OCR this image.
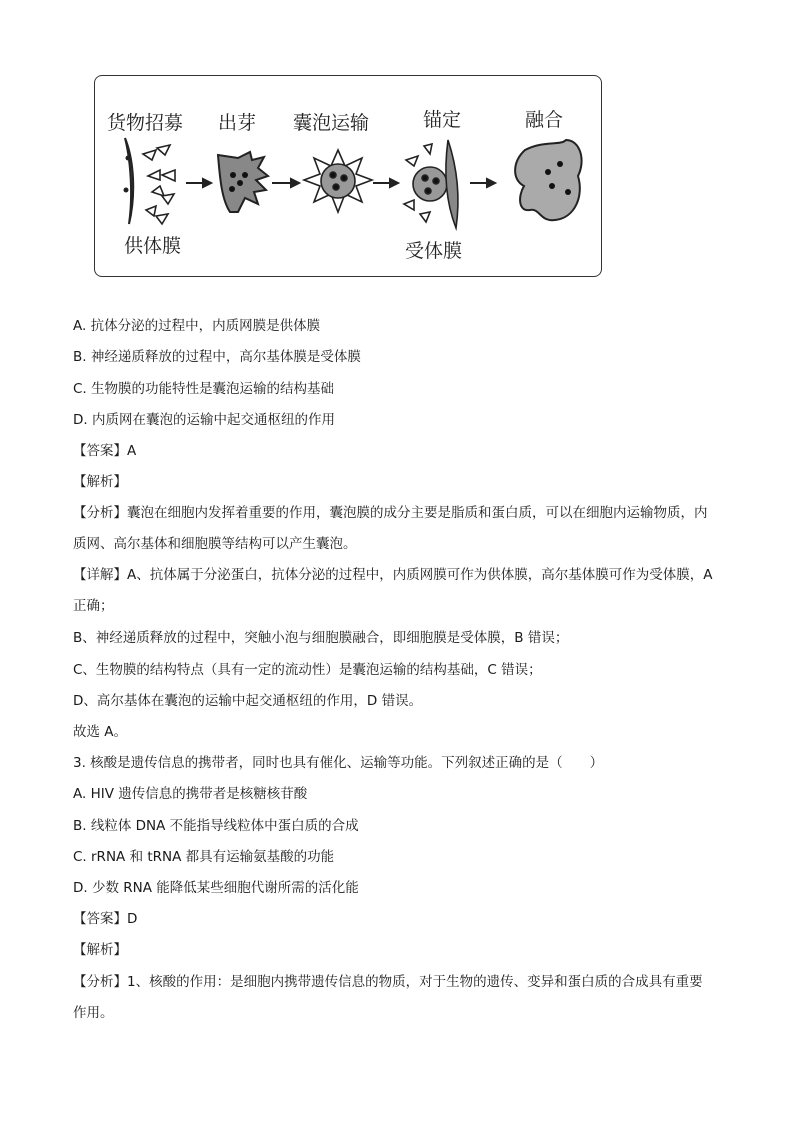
货物招募 出芽 囊泡运输	锚定	融合
供体膜	受体膜
A. 抗体分泌的过程中，内质网膜是供体膜
B. 神经递质释放的过程中，高尔基体膜是受体膜
C. 生物膜的功能特性是囊泡运输的结构基础
D. 内质网在囊泡的运输中起交通枢纽的作用
【答案】A
【解析】
【分析】囊泡在细胞内发挥着重要的作用，囊泡膜的成分主要是脂质和蛋白质，可以在细胞内运输物质，内质网、高尔基体和细胞膜等结构可以产生囊泡。
【详解】A、抗体属于分泌蛋白，抗体分泌的过程中，内质网膜可作为供体膜，高尔基体膜可作为受体膜，A 正确；
B、神经递质释放的过程中，突触小泡与细胞膜融合，即细胞膜是受体膜，B 错误；
C、生物膜的结构特点（具有一定的流动性）是囊泡运输的结构基础，C 错误；
D、高尔基体在囊泡的运输中起交通枢纽的作用，D 错误。
故选 A。
3. 核酸是遗传信息的携带者，同时也具有催化、运输等功能。下列叙述正确的是（　　）
A. HIV 遗传信息的携带者是核糖核苷酸
B. 线粒体 DNA 不能指导线粒体中蛋白质的合成
C. rRNA 和 tRNA 都具有运输氨基酸的功能
D. 少数 RNA 能降低某些细胞代谢所需的活化能
【答案】D
【解析】
【分析】1、核酸的作用：是细胞内携带遗传信息的物质，对于生物的遗传、变异和蛋白质的合成具有重要作用。
